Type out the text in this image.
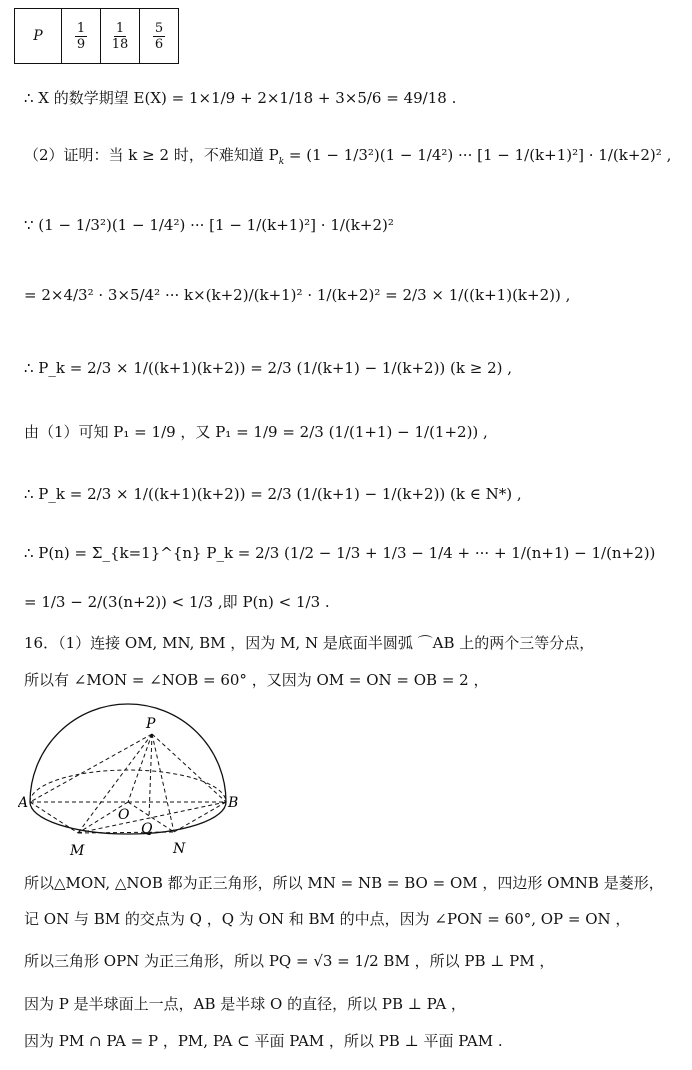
P	$\frac{1}{9}$	$\frac{1}{18}$	$\frac{5}{6}$
∴ X 的数学期望 E(X) = 1×1/9 + 2×1/18 + 3×5/6 = 49/18 .
（2）证明：当 k ≥ 2 时，不难知道 $P_k = (1 - 1/3^2)(1 - 1/4^2)$ ··· [1 − 1/(k+1)²] · 1/(k+2)² ,
∵ (1 − 1/3²)(1 − 1/4²) ··· [1 − 1/(k+1)²] · 1/(k+2)²
= 2×4/3² · 3×5/4² ··· k×(k+2)/(k+1)² · 1/(k+2)² = 2/3 × 1/((k+1)(k+2)) ,
∴ P_k = 2/3 × 1/((k+1)(k+2)) = 2/3 (1/(k+1) − 1/(k+2)) (k ≥ 2) ,
由（1）可知 P₁ = 1/9 ，又 P₁ = 1/9 = 2/3 (1/(1+1) − 1/(1+2)) ,
∴ P_k = 2/3 × 1/((k+1)(k+2)) = 2/3 (1/(k+1) − 1/(k+2)) (k ∈ N*) ,
∴ P(n) = Σ_{k=1}^{n} P_k = 2/3 (1/2 − 1/3 + 1/3 − 1/4 + ··· + 1/(n+1) − 1/(n+2))
= 1/3 − 2/(3(n+2)) < 1/3 ,即 P(n) < 1/3 .
16．（1）连接 OM, MN, BM ，因为 M, N 是底面半圆弧 ⌒AB 上的两个三等分点，
所以有 ∠MON = ∠NOB = 60° ，又因为 OM = ON = OB = 2 ，
P
A	B
O
Q
M	N
所以△MON, △NOB 都为正三角形，所以 MN = NB = BO = OM ，四边形 OMNB 是菱形，
记 ON 与 BM 的交点为 Q ，Q 为 ON 和 BM 的中点，因为 ∠PON = 60°, OP = ON ，
所以三角形 OPN 为正三角形，所以 PQ = √3 = 1/2 BM ，所以 PB ⊥ PM ，
因为 P 是半球面上一点，AB 是半球 O 的直径，所以 PB ⊥ PA ，
因为 PM ∩ PA = P ，PM, PA ⊂ 平面 PAM ，所以 PB ⊥ 平面 PAM .
